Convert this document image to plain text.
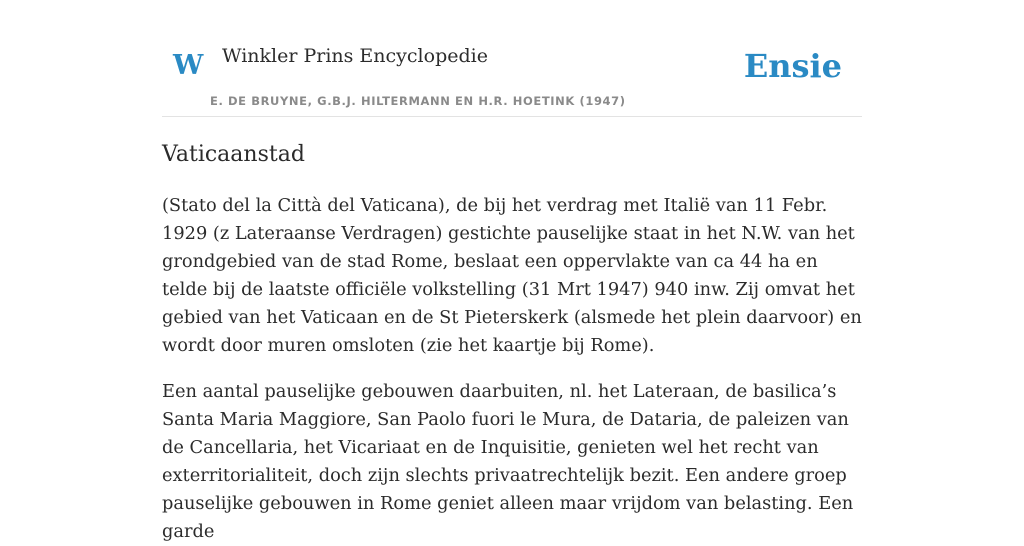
W Winkler Prins Encyclopedie
E. DE BRUYNE, G.B.J. HILTERMANN EN H.R. HOETINK (1947)
Ensie
Vaticaanstad

(Stato del la Città del Vaticana), de bij het verdrag met Italië van 11 Febr. 1929 (z Lateraanse Verdragen) gestichte pauselijke staat in het N.W. van het grondgebied van de stad Rome, beslaat een oppervlakte van ca 44 ha en telde bij de laatste officiële volkstelling (31 Mrt 1947) 940 inw. Zij omvat het gebied van het Vaticaan en de St Pieterskerk (alsmede het plein daarvoor) en wordt door muren omsloten (zie het kaartje bij Rome).

Een aantal pauselijke gebouwen daarbuiten, nl. het Lateraan, de basilica’s Santa Maria Maggiore, San Paolo fuori le Mura, de Dataria, de paleizen van de Cancellaria, het Vicariaat en de Inquisitie, genieten wel het recht van exterritorialiteit, doch zijn slechts privaatrechtelijk bezit. Een andere groep pauselijke gebouwen in Rome geniet alleen maar vrijdom van belasting. Een garde
